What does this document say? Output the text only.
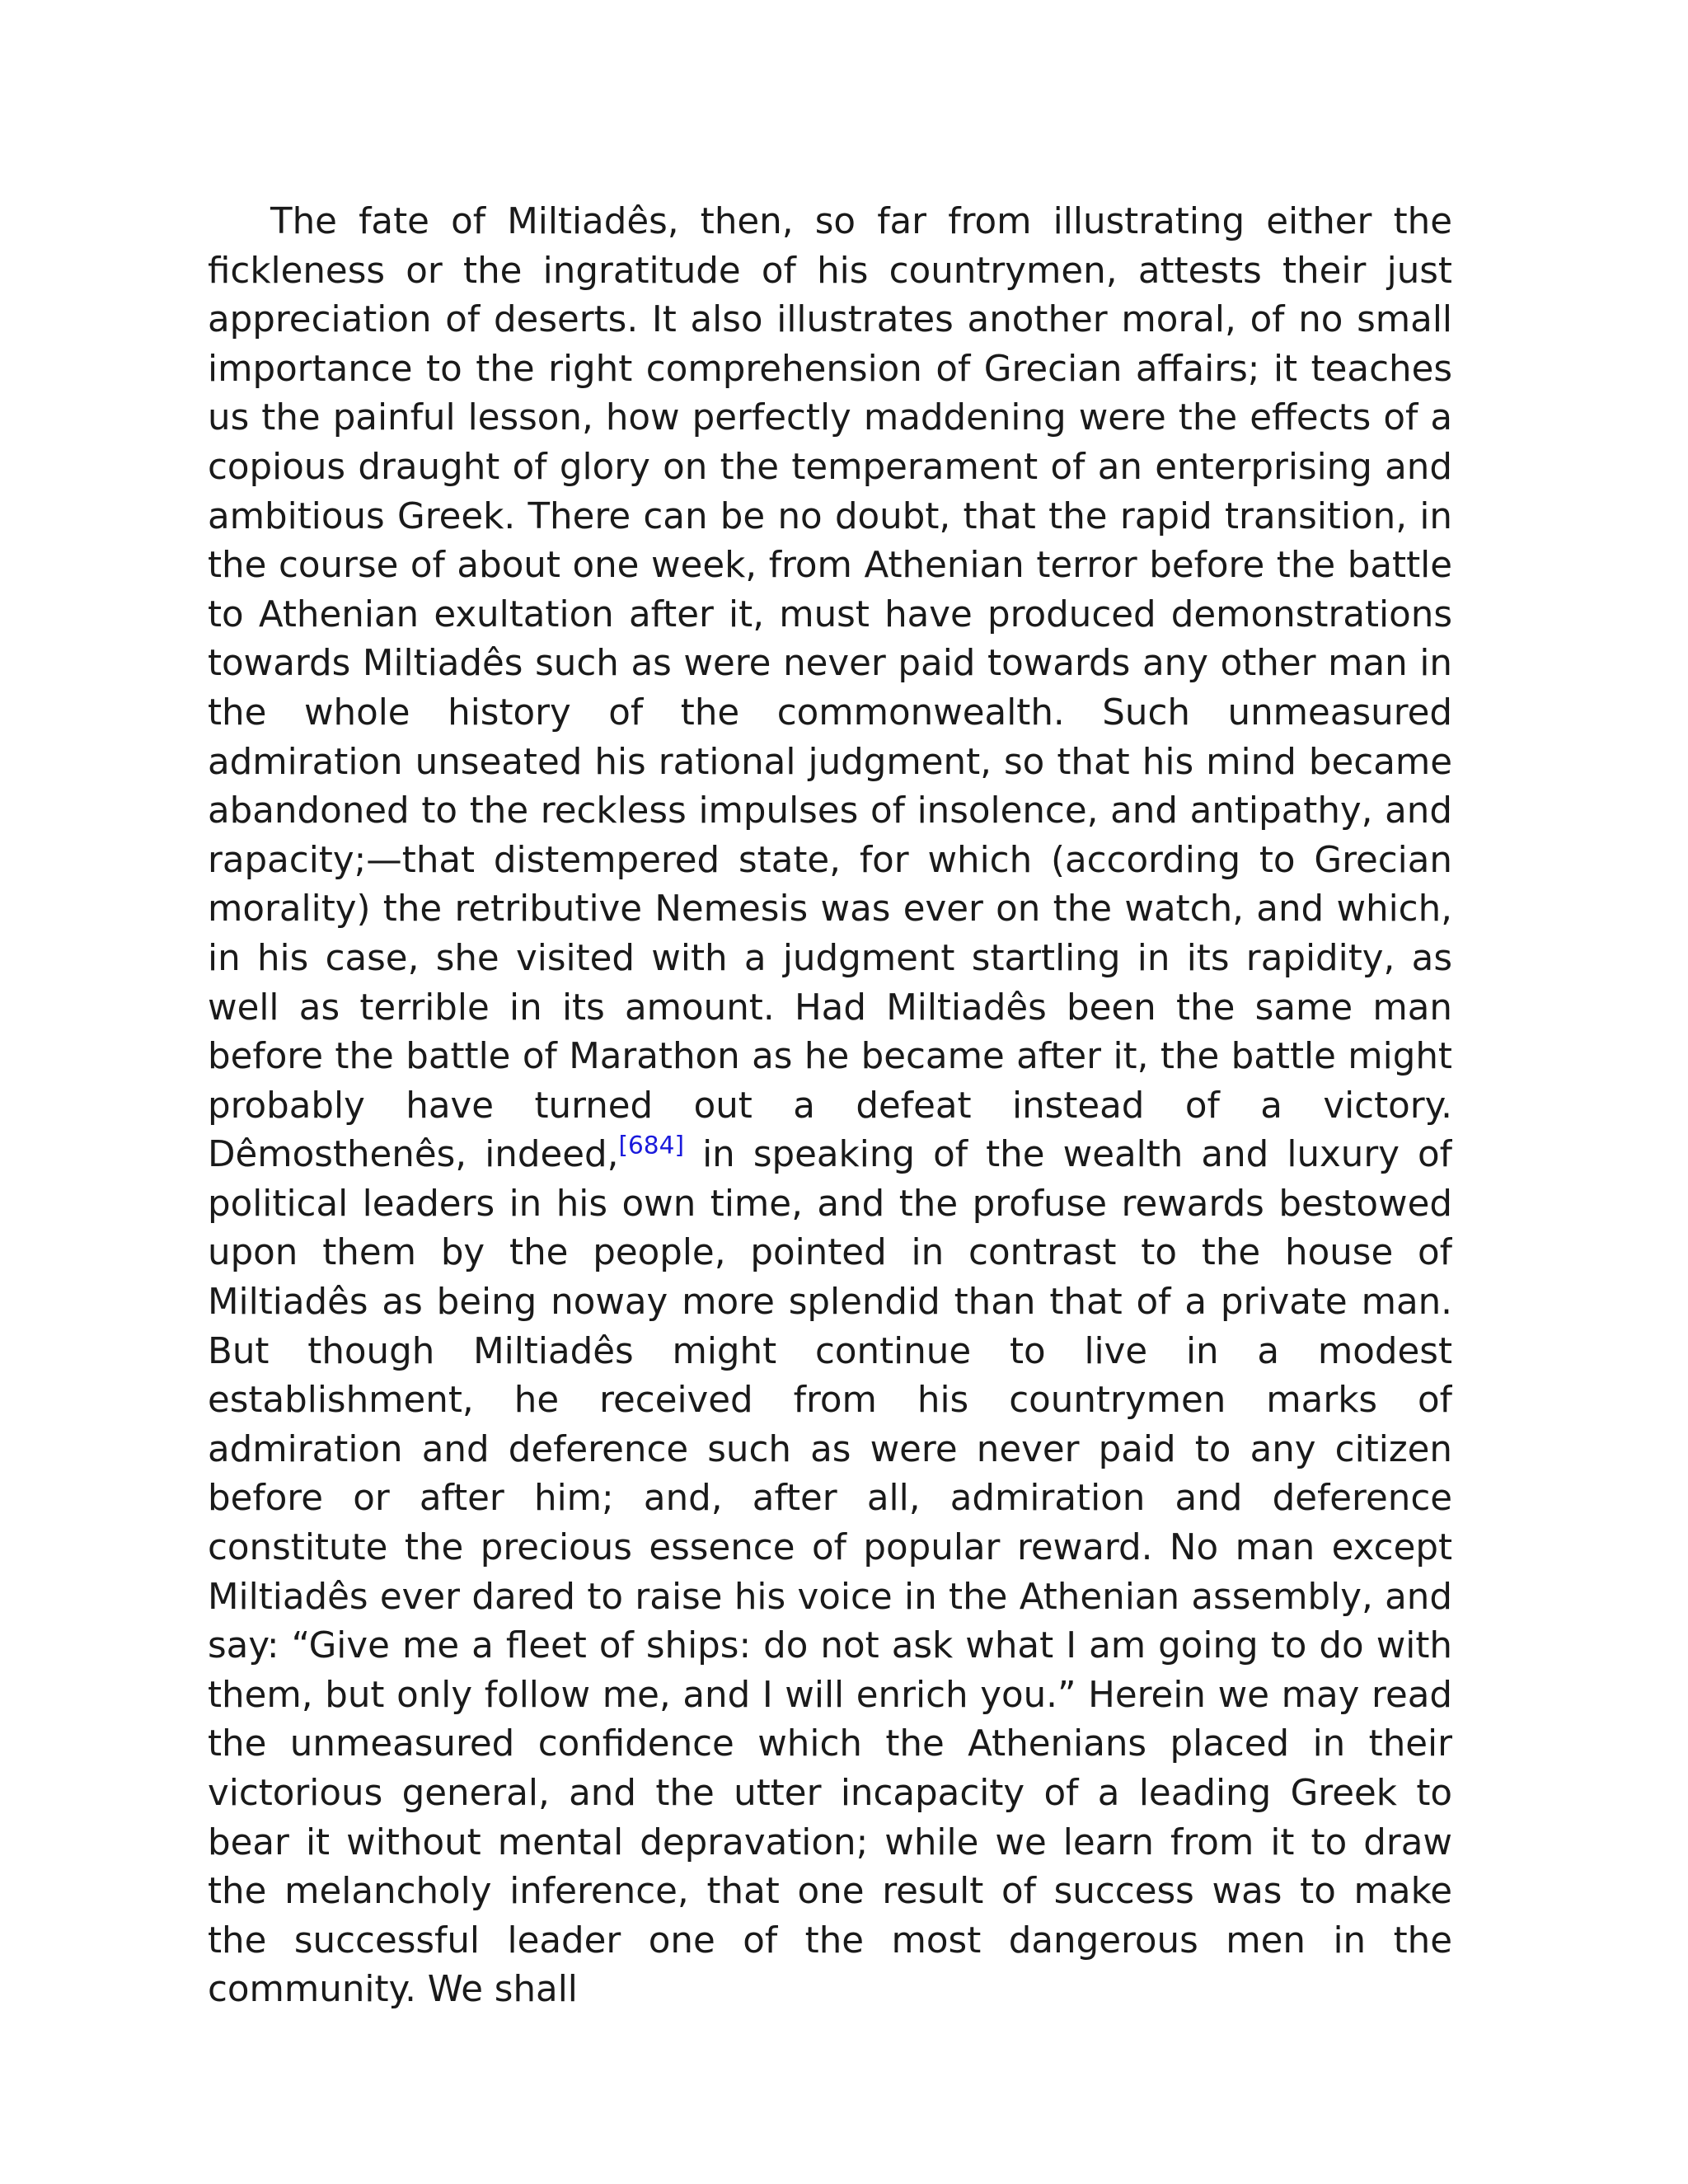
The fate of Miltiadês, then, so far from illustrating either the fickleness or the ingratitude of his countrymen, attests their just appreciation of deserts. It also illustrates another moral, of no small importance to the right comprehension of Grecian affairs; it teaches us the painful lesson, how perfectly maddening were the effects of a copious draught of glory on the temperament of an enterprising and ambitious Greek. There can be no doubt, that the rapid transition, in the course of about one week, from Athenian terror before the battle to Athenian exultation after it, must have produced demonstrations towards Miltiadês such as were never paid towards any other man in the whole history of the commonwealth. Such unmeasured admiration unseated his rational judgment, so that his mind became abandoned to the reckless impulses of insolence, and antipathy, and rapacity;—that distempered state, for which (according to Grecian morality) the retributive Nemesis was ever on the watch, and which, in his case, she visited with a judgment startling in its rapidity, as well as terrible in its amount. Had Miltiadês been the same man before the battle of Marathon as he became after it, the battle might probably have turned out a defeat instead of a victory. Dêmosthenês, indeed,[684] in speaking of the wealth and luxury of political leaders in his own time, and the profuse rewards bestowed upon them by the people, pointed in contrast to the house of Miltiadês as being noway more splendid than that of a private man. But though Miltiadês might continue to live in a modest establishment, he received from his countrymen marks of admiration and deference such as were never paid to any citizen before or after him; and, after all, admiration and deference constitute the precious essence of popular reward. No man except Miltiadês ever dared to raise his voice in the Athenian assembly, and say: “Give me a fleet of ships: do not ask what I am going to do with them, but only follow me, and I will enrich you.” Herein we may read the unmeasured confidence which the Athenians placed in their victorious general, and the utter incapacity of a leading Greek to bear it without mental depravation; while we learn from it to draw the melancholy inference, that one result of success was to make the successful leader one of the most dangerous men in the community. We shall
